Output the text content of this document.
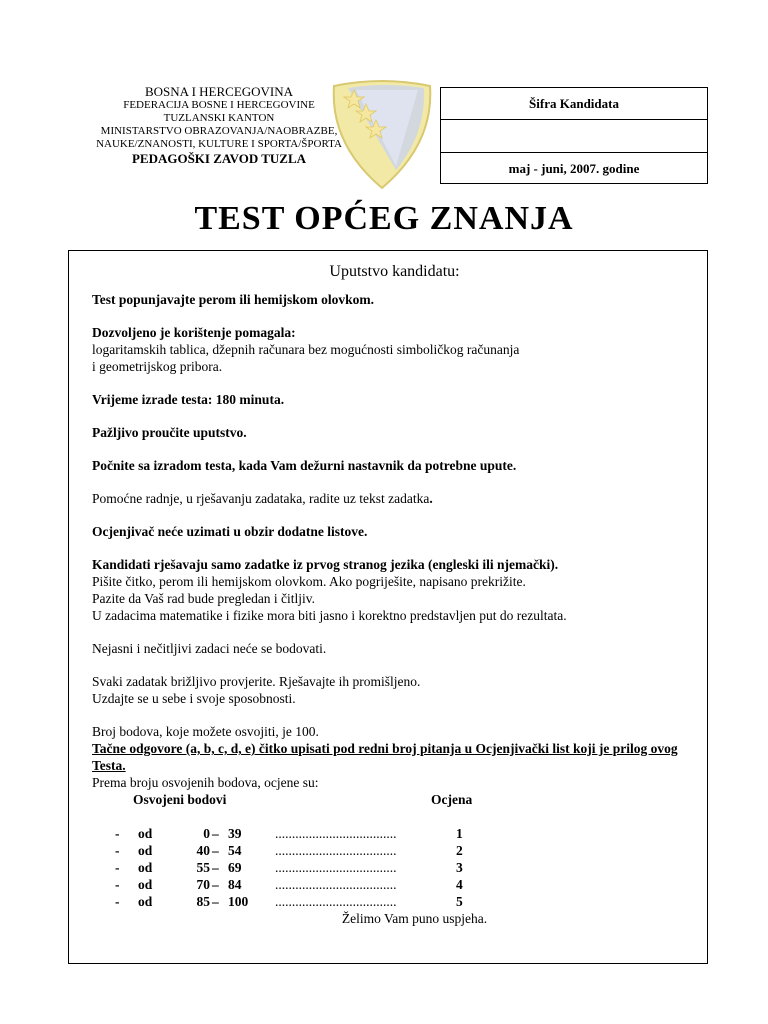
BOSNA I HERCEGOVINA
FEDERACIJA BOSNE I HERCEGOVINE
TUZLANSKI KANTON
MINISTARSTVO OBRAZOVANJA/NAOBRAZBE,
NAUKE/ZNANOSTI, KULTURE I SPORTA/ŠPORTA
PEDAGOŠKI ZAVOD TUZLA
Šifra Kandidata
maj - juni, 2007. godine
TEST OPĆEG ZNANJA
Uputstvo kandidatu:

Test popunjavajte perom ili hemijskom olovkom.

Dozvoljeno je korištenje pomagala:
logaritamskih tablica, džepnih računara bez mogućnosti simboličkog računanja
i geometrijskog pribora.

Vrijeme izrade testa: 180 minuta.

Pažljivo proučite uputstvo.

Počnite sa izradom testa, kada Vam dežurni nastavnik da potrebne upute.

Pomoćne radnje, u rješavanju zadataka, radite uz tekst zadatka.

Ocjenjivač neće uzimati u obzir dodatne listove.

Kandidati rješavaju samo zadatke iz prvog stranog jezika (engleski ili njemački).
Pišite čitko, perom ili hemijskom olovkom. Ako pogriješite, napisano prekrižite.
Pazite da Vaš rad bude pregledan i čitljiv.
U zadacima matematike i fizike mora biti jasno i korektno predstavljen put do rezultata.

Nejasni i nečitljivi zadaci neće se bodovati.

Svaki zadatak brižljivo provjerite. Rješavajte ih promišljeno.
Uzdajte se u sebe i svoje sposobnosti.

Broj bodova, koje možete osvojiti, je 100.
Tačne odgovore (a, b, c, d, e) čitko upisati pod redni broj pitanja u Ocjenjivački list koji je prilog ovog Testa.
Prema broju osvojenih bodova, ocjene su:
Osvojeni bodovi	Ocjena
- od	0 – 39 ....................................	1
- od	40 – 54 ....................................	2
- od	55 – 69 ....................................	3
- od	70 – 84 ....................................	4
- od	85 – 100 ....................................	5
Želimo Vam puno uspjeha.
